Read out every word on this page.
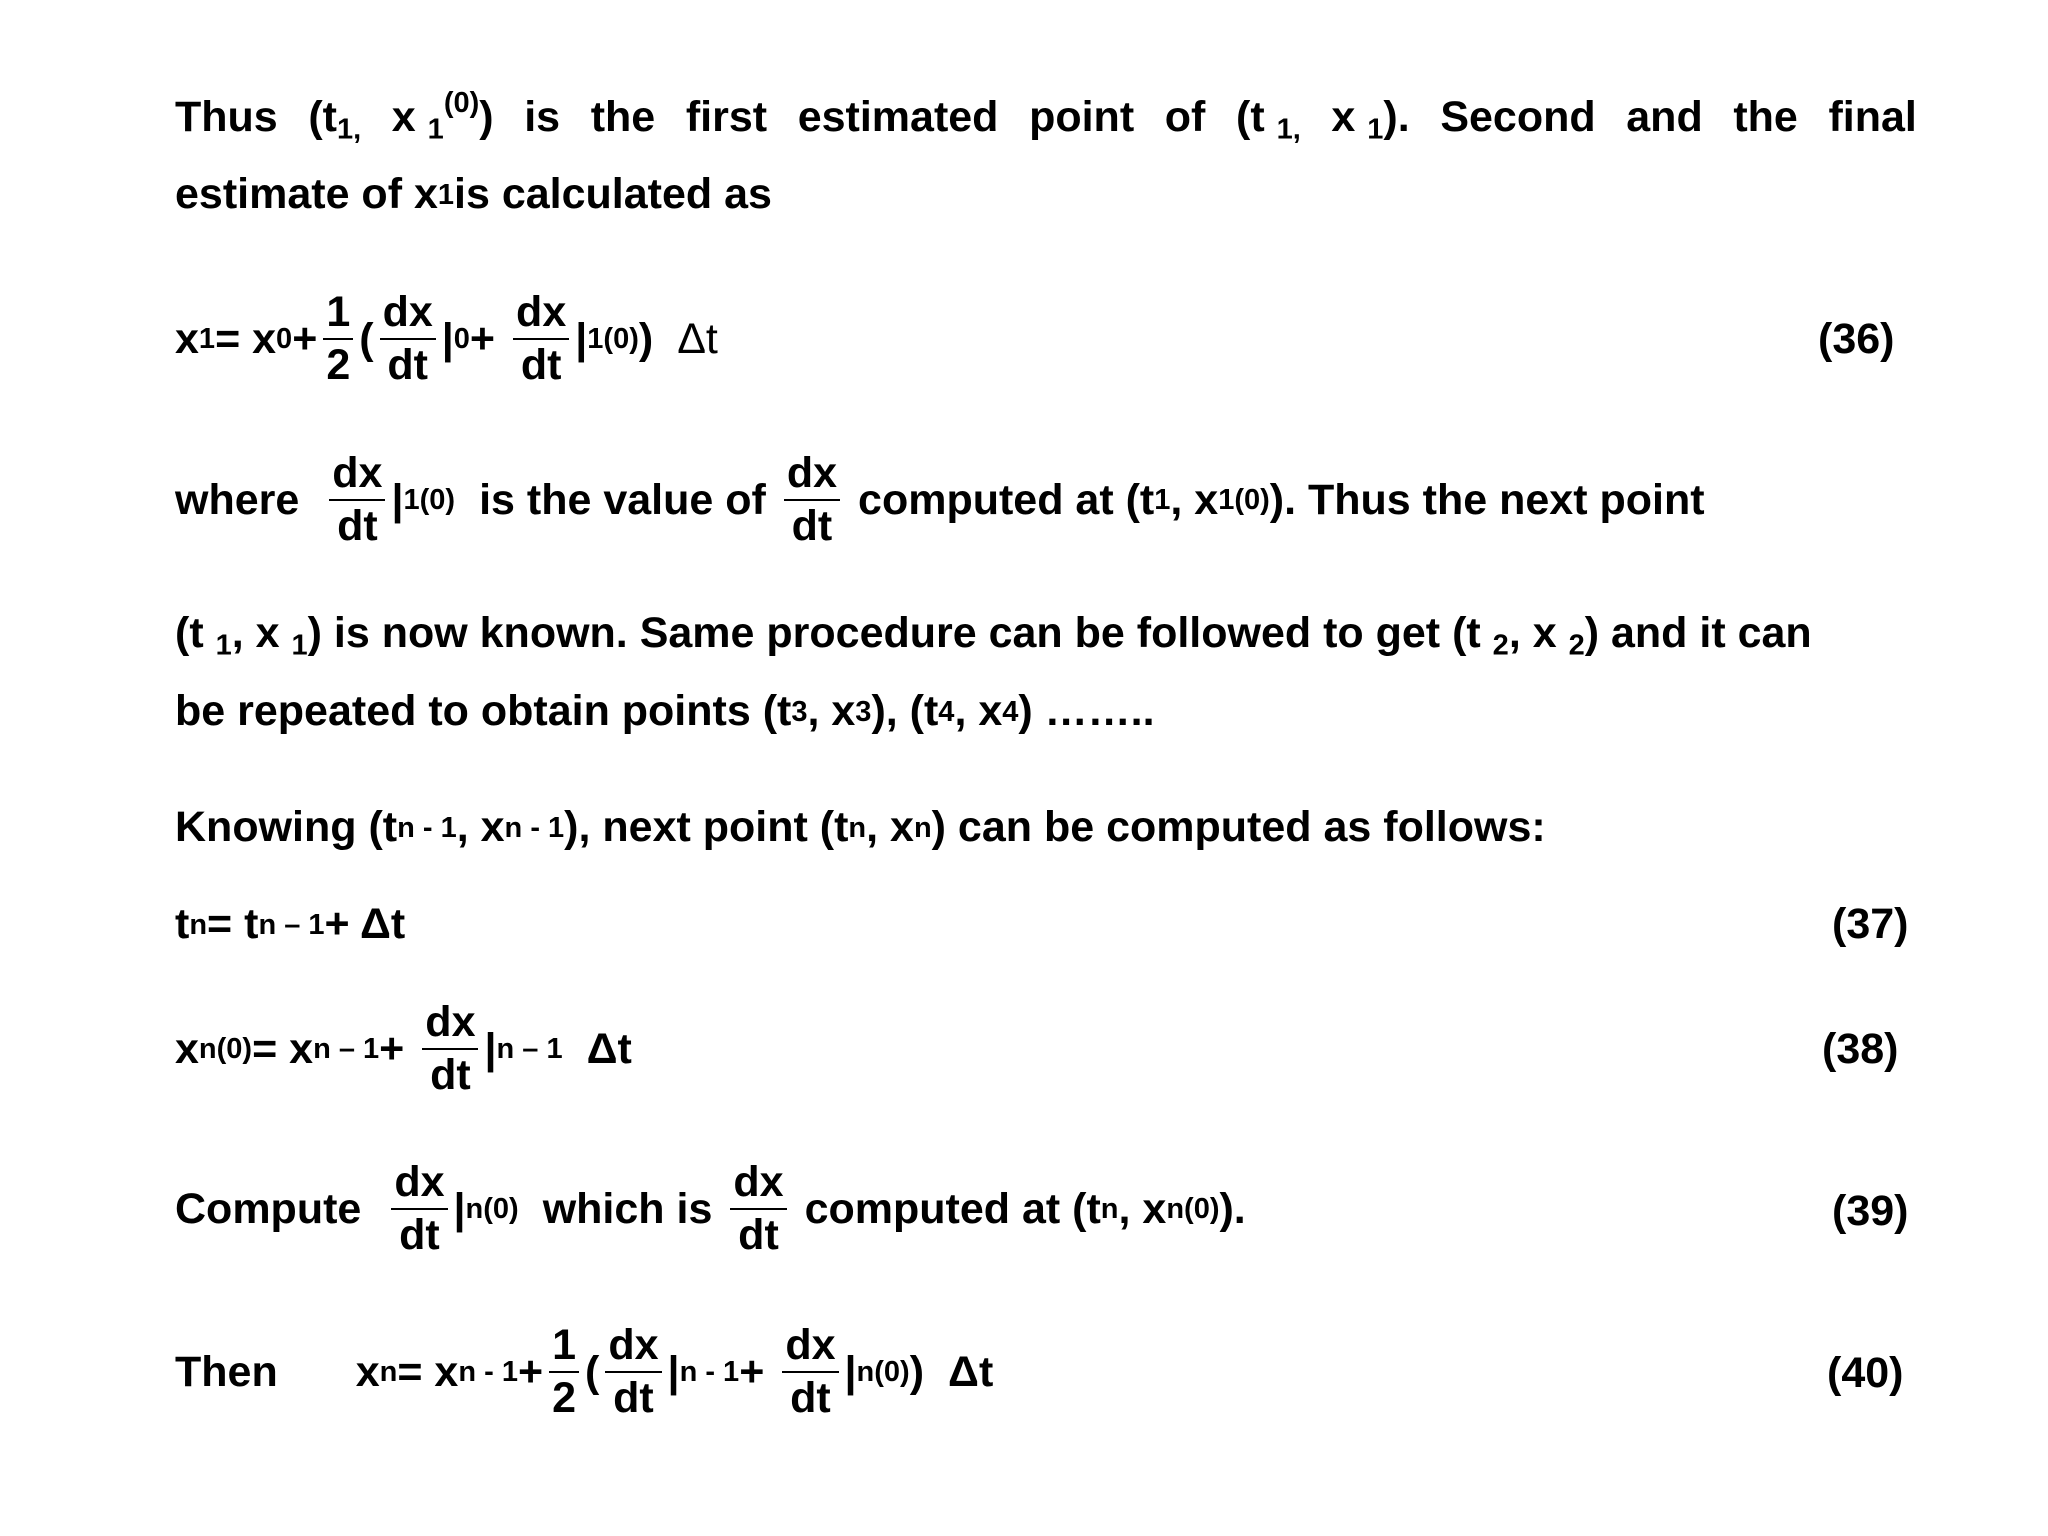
Thus ($t_{1,}$ x $_1^{(0)}$) is the first estimated point of (t $_{1,}$ x $_1$). Second and the final
estimate of x 1 is calculated as
x 1 = x $0 + \frac{1}{2}$ ( $\frac{dx}{dt}$ | $0 + \frac{dx}{dt}$ | 1 (0) ) Δt	(36)
where $\frac{dx}{dt}$ | 1 (0) is the value of $\frac{dx}{dt}$ computed at (t 1 , x 1 (0) ). Thus the next point
(t $_1$, x $_1$) is now known. Same procedure can be followed to get (t $_2$, x $_2$) and it can
be repeated to obtain points (t 3 , x 3 ), (t 4 , x 4 ) ……..
Knowing (t n - 1 , x n - 1 ), next point (t n , x n ) can be computed as follows:
t n = t n – 1 + Δt	(37)
x n (0) = x $n - 1 + \frac{dx}{dt}$ | n – 1 Δt	(38)
Compute $\frac{dx}{dt}$ | n (0) which is $\frac{dx}{dt}$ computed at (t n , x n (0) ).	(39)
Then x n = x $n - 1 + \frac{1}{2}$ ( $\frac{dx}{dt}$ | $n - 1 + \frac{dx}{dt}$ | n (0) ) Δt	(40)
